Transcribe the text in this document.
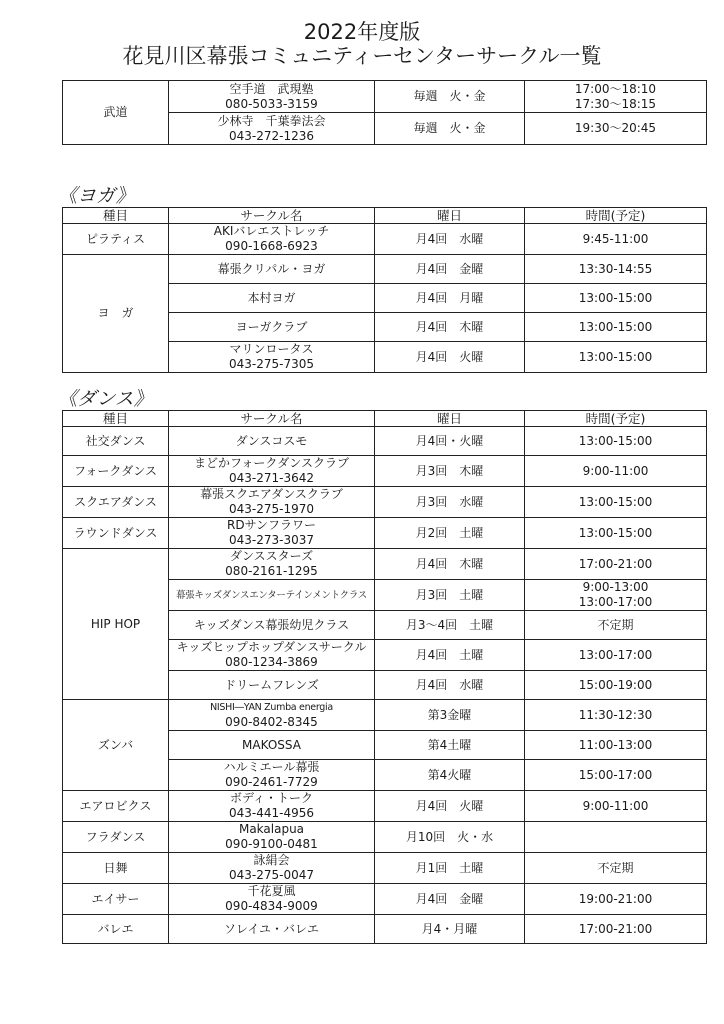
2022年度版
花見川区幕張コミュニティーセンターサークル一覧
武道	空手道　武現塾
080-5033-3159	毎週　火・金	17:00～18:10
17:30～18:15

	少林寺　千葉拳法会
043-272-1236	毎週　火・金	19:30～20:45
《ヨガ》
種目	サークル名	曜日	時間(予定)
ピラティス	AKIバレエストレッチ
090-1668-6923	月4回　水曜	9:45-11:00

ヨ　ガ	幕張クリパル・ヨガ	月4回　金曜	13:30-14:55

	本村ヨガ	月4回　月曜	13:00-15:00

	ヨーガクラブ	月4回　木曜	13:00-15:00

	マリンロータス
043-275-7305	月4回　火曜	13:00-15:00
《ダンス》
種目	サークル名	曜日	時間(予定)
社交ダンス	ダンスコスモ	月4回・火曜	13:00-15:00

フォークダンス	まどかフォークダンスクラブ
043-271-3642	月3回　木曜	9:00-11:00

スクエアダンス	幕張スクエアダンスクラブ
043-275-1970	月3回　水曜	13:00-15:00

ラウンドダンス	RDサンフラワー
043-273-3037	月2回　土曜	13:00-15:00

HIP HOP	ダンススターズ
080-2161-1295	月4回　木曜	17:00-21:00

	幕張キッズダンスエンターテインメントクラス	月3回　土曜	9:00-13:00
13:00-17:00

	キッズダンス幕張幼児クラス	月3～4回　土曜	不定期

	キッズヒップホップダンスサークル
080-1234-3869	月4回　土曜	13:00-17:00

	ドリームフレンズ	月4回　水曜	15:00-19:00

ズンバ	NISHI―YAN Zumba energia
090-8402-8345	第3金曜	11:30-12:30

	MAKOSSA	第4土曜	11:00-13:00

	ハルミエール幕張
090-2461-7729	第4火曜	15:00-17:00

エアロビクス	ボディ・トーク
043-441-4956	月4回　火曜	9:00-11:00

フラダンス	Makalapua
090-9100-0481	月10回　火・水	

日舞	詠絹会
043-275-0047	月1回　土曜	不定期

エイサー	千花夏風
090-4834-9009	月4回　金曜	19:00-21:00

バレエ	ソレイユ・バレエ	月4・月曜	17:00-21:00
